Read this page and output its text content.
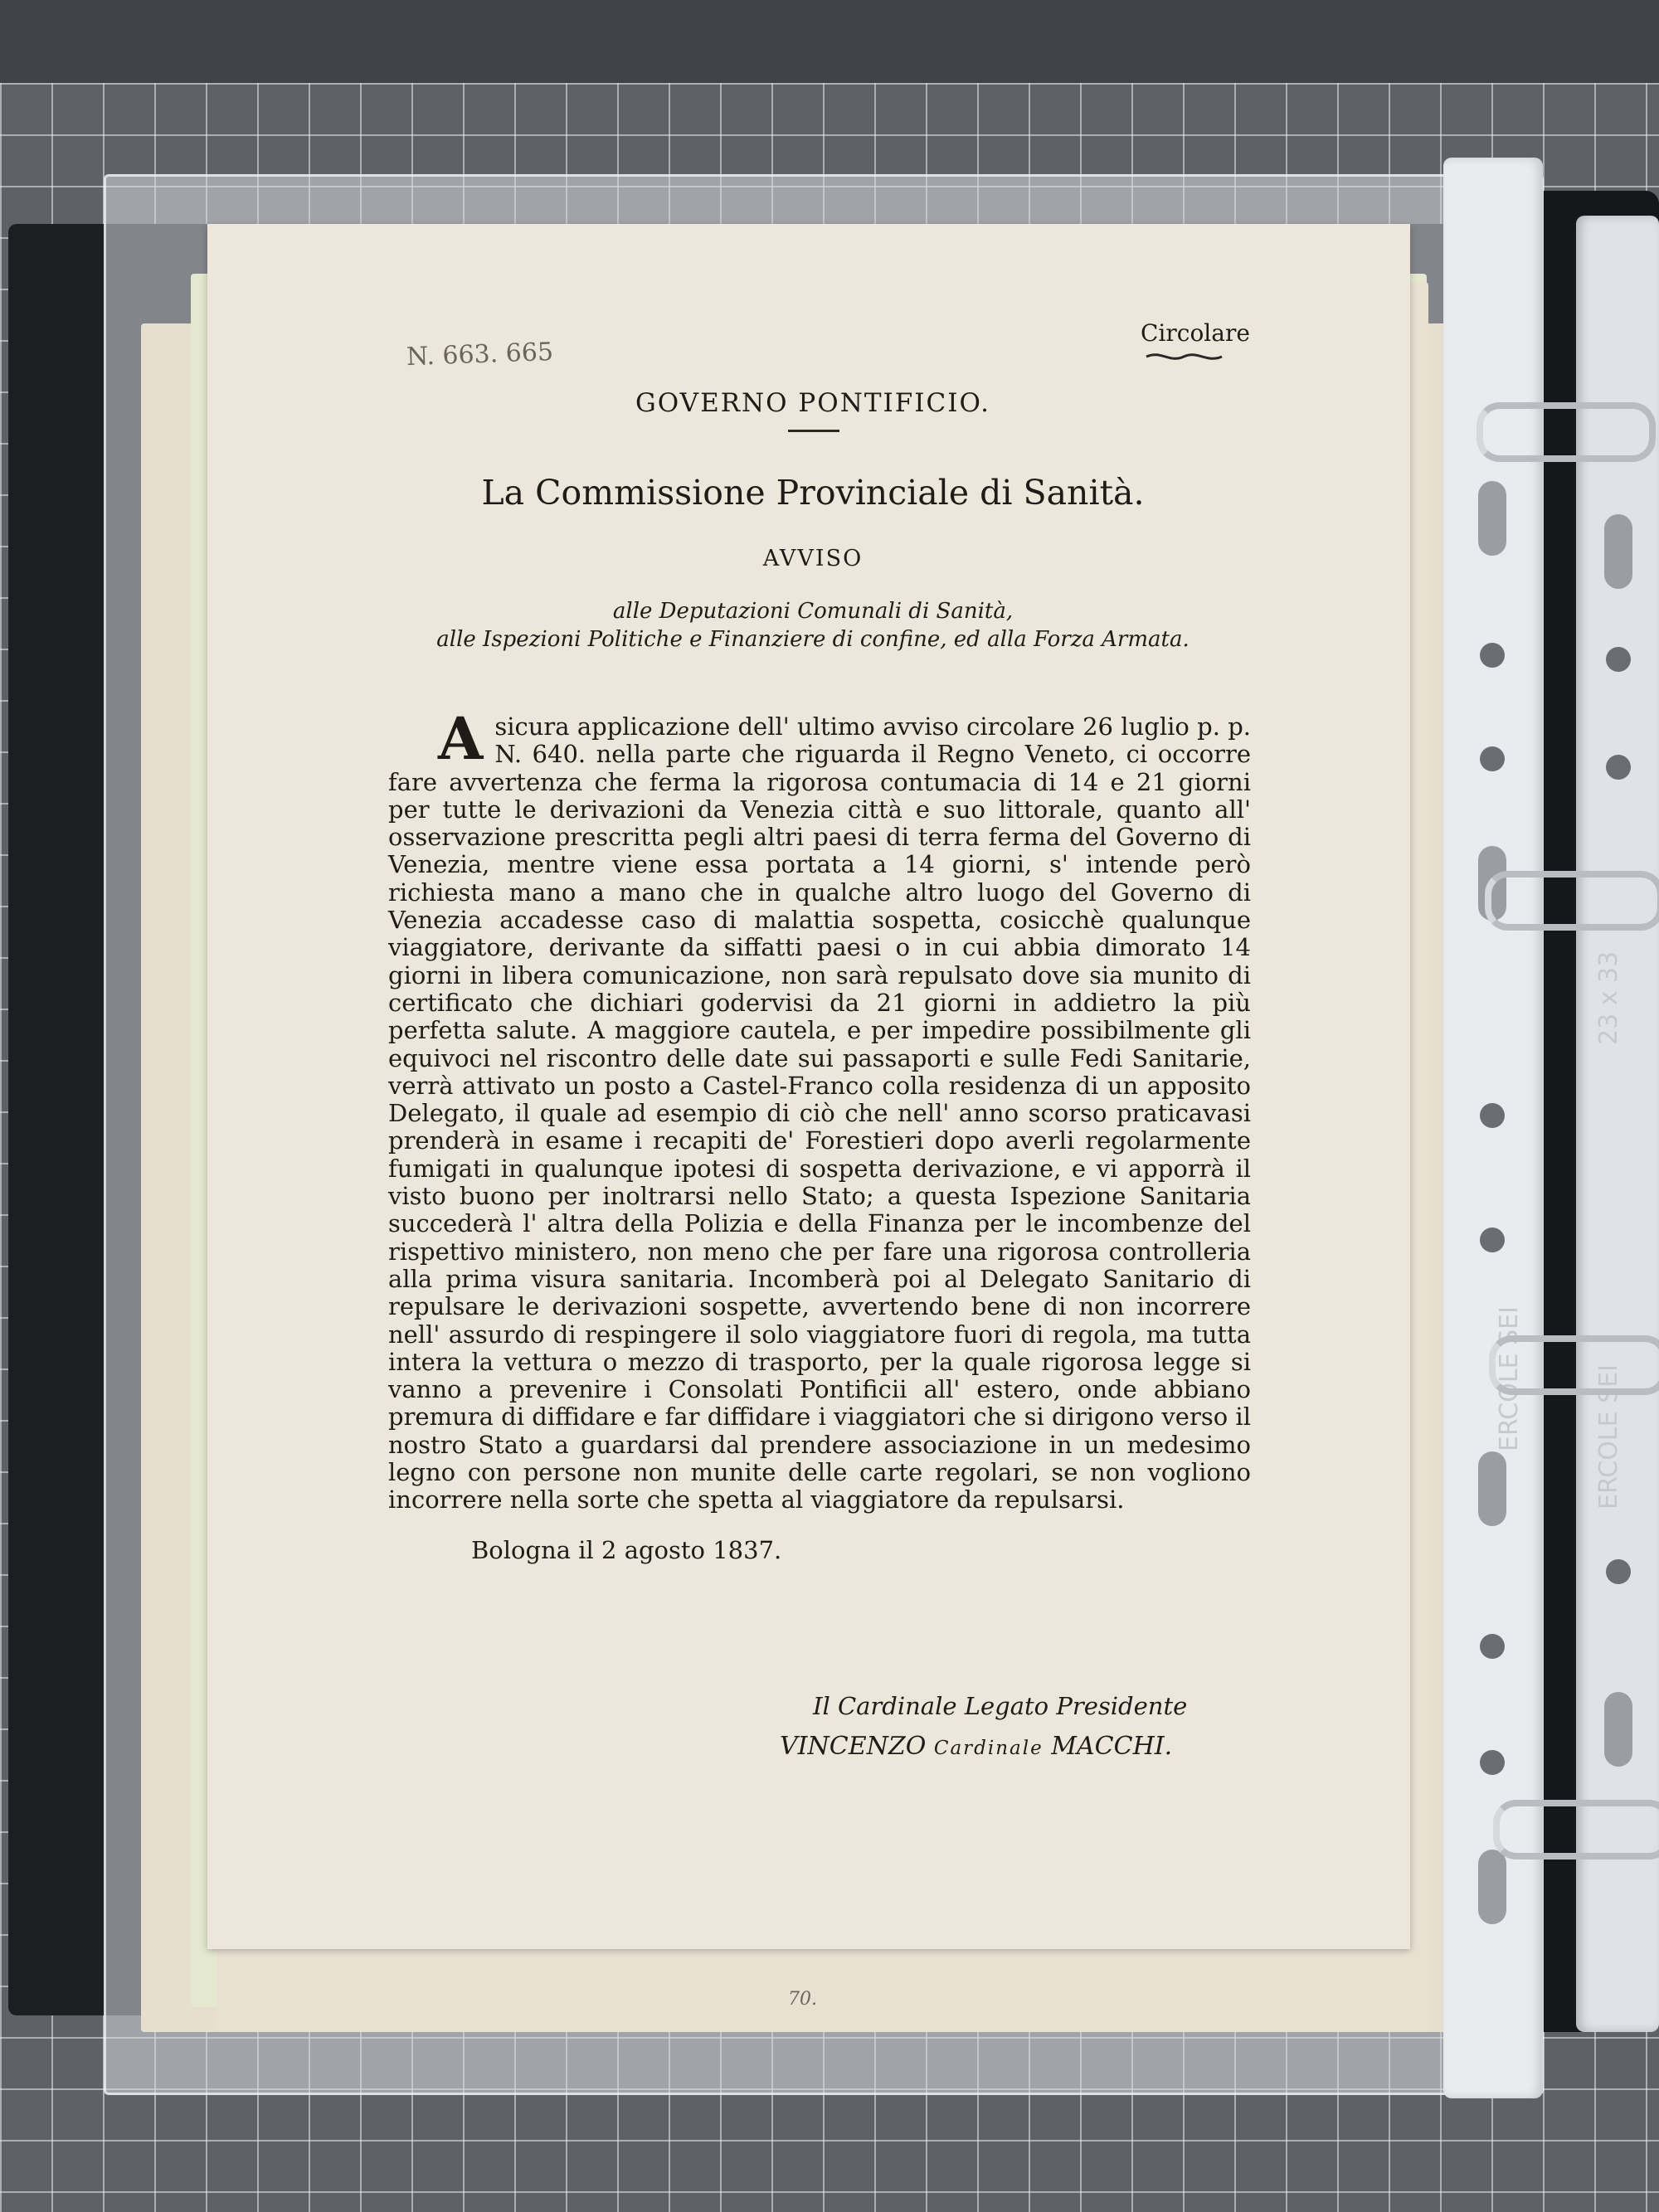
ERCOLE SEI
23 x 33
ERCOLE SEI
N. 663. 665
Circolare
GOVERNO PONTIFICIO.
La Commissione Provinciale di Sanità.
AVVISO
alle Deputazioni Comunali di Sanità,
alle Ispezioni Politiche e Finanziere di confine, ed alla Forza Armata.

A sicura applicazione dell' ultimo avviso circolare 26 luglio p. p. N. 640. nella parte che riguarda il Regno Veneto, ci occorre fare avvertenza che ferma la rigorosa contumacia di 14 e 21 giorni per tutte le derivazioni da Venezia città e suo littorale, quanto all' osservazione prescritta pegli altri paesi di terra ferma del Governo di Venezia, mentre viene essa portata a 14 giorni, s' intende però richiesta mano a mano che in qualche altro luogo del Governo di Venezia accadesse caso di malattia sospetta, cosicchè qualunque viaggiatore, derivante da siffatti paesi o in cui abbia dimorato 14 giorni in libera comunicazione, non sarà repulsato dove sia munito di certificato che dichiari godervisi da 21 giorni in addietro la più perfetta salute. A maggiore cautela, e per impedire possibilmente gli equivoci nel riscontro delle date sui passaporti e sulle Fedi Sanitarie, verrà attivato un posto a Castel-Franco colla residenza di un apposito Delegato, il quale ad esempio di ciò che nell' anno scorso praticavasi prenderà in esame i recapiti de' Forestieri dopo averli regolarmente fumigati in qualunque ipotesi di sospetta derivazione, e vi apporrà il visto buono per inoltrarsi nello Stato; a questa Ispezione Sanitaria succederà l' altra della Polizia e della Finanza per le incombenze del rispettivo ministero, non meno che per fare una rigorosa controlleria alla prima visura sanitaria. Incomberà poi al Delegato Sanitario di repulsare le derivazioni sospette, avvertendo bene di non incorrere nell' assurdo di respingere il solo viaggiatore fuori di regola, ma tutta intera la vettura o mezzo di trasporto, per la quale rigorosa legge si vanno a prevenire i Consolati Pontificii all' estero, onde abbiano premura di diffidare e far diffidare i viaggiatori che si dirigono verso il nostro Stato a guardarsi dal prendere associazione in un medesimo legno con persone non munite delle carte regolari, se non vogliono incorrere nella sorte che spetta al viaggiatore da repulsarsi.

Bologna il 2 agosto 1837.
Il Cardinale Legato Presidente
VINCENZO Cardinale MACCHI.
70.
